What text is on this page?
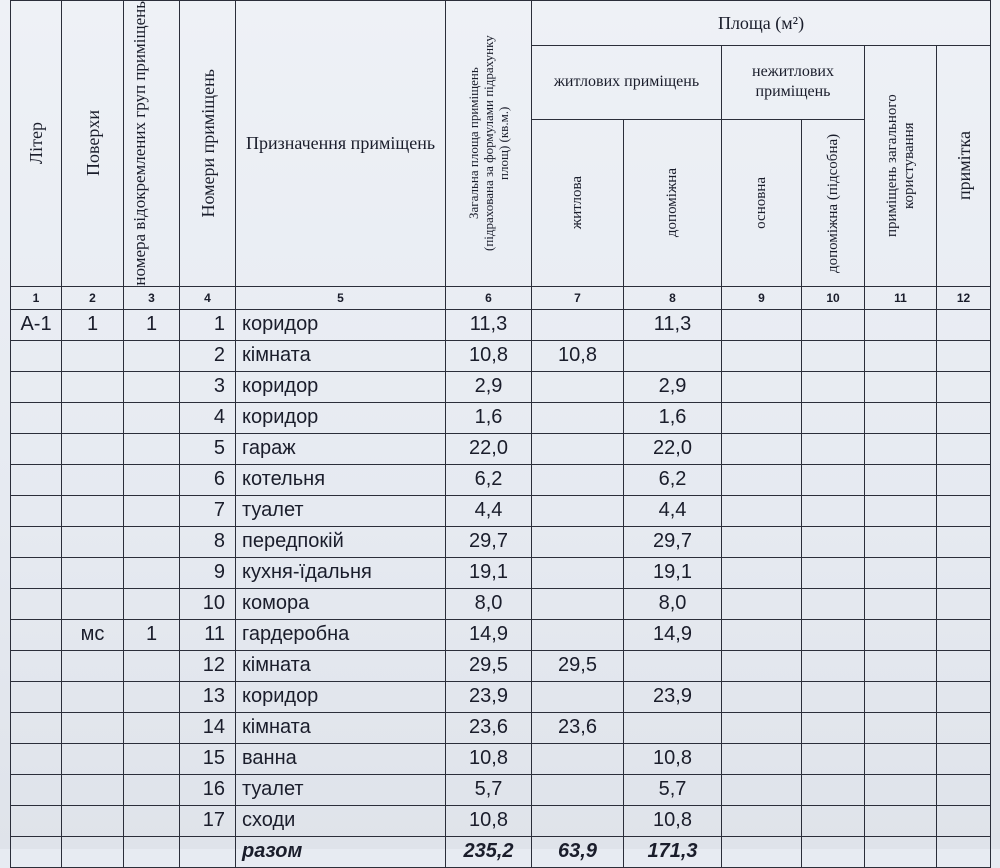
Літер	Поверхи	номера відокремлених груп приміщень	Номери приміщень	Призначення приміщень	Загальна площа приміщень (підрахована за формулами підрахунку площ) (кв.м.)	Площа (м²)					
						житлових приміщень		нежитлових приміщень		приміщень загального користування	примітка

						житлова	допоміжна	основна	допоміжна (підсобна)		

1	2	3	4	5	6	7	8	9	10	11	12
А-1	1	1	1	коридор	11,3		11,3				
			2	кімната	10,8	10,8					
			3	коридор	2,9		2,9				
			4	коридор	1,6		1,6				
			5	гараж	22,0		22,0				
			6	котельня	6,2		6,2				
			7	туалет	4,4		4,4				
			8	передпокій	29,7		29,7				
			9	кухня-їдальня	19,1		19,1				
			10	комора	8,0		8,0				
	мс	1	11	гардеробна	14,9		14,9				
			12	кімната	29,5	29,5					
			13	коридор	23,9		23,9				
			14	кімната	23,6	23,6					
			15	ванна	10,8		10,8				
			16	туалет	5,7		5,7				
			17	сходи	10,8		10,8				
				разом	235,2	63,9	171,3				
